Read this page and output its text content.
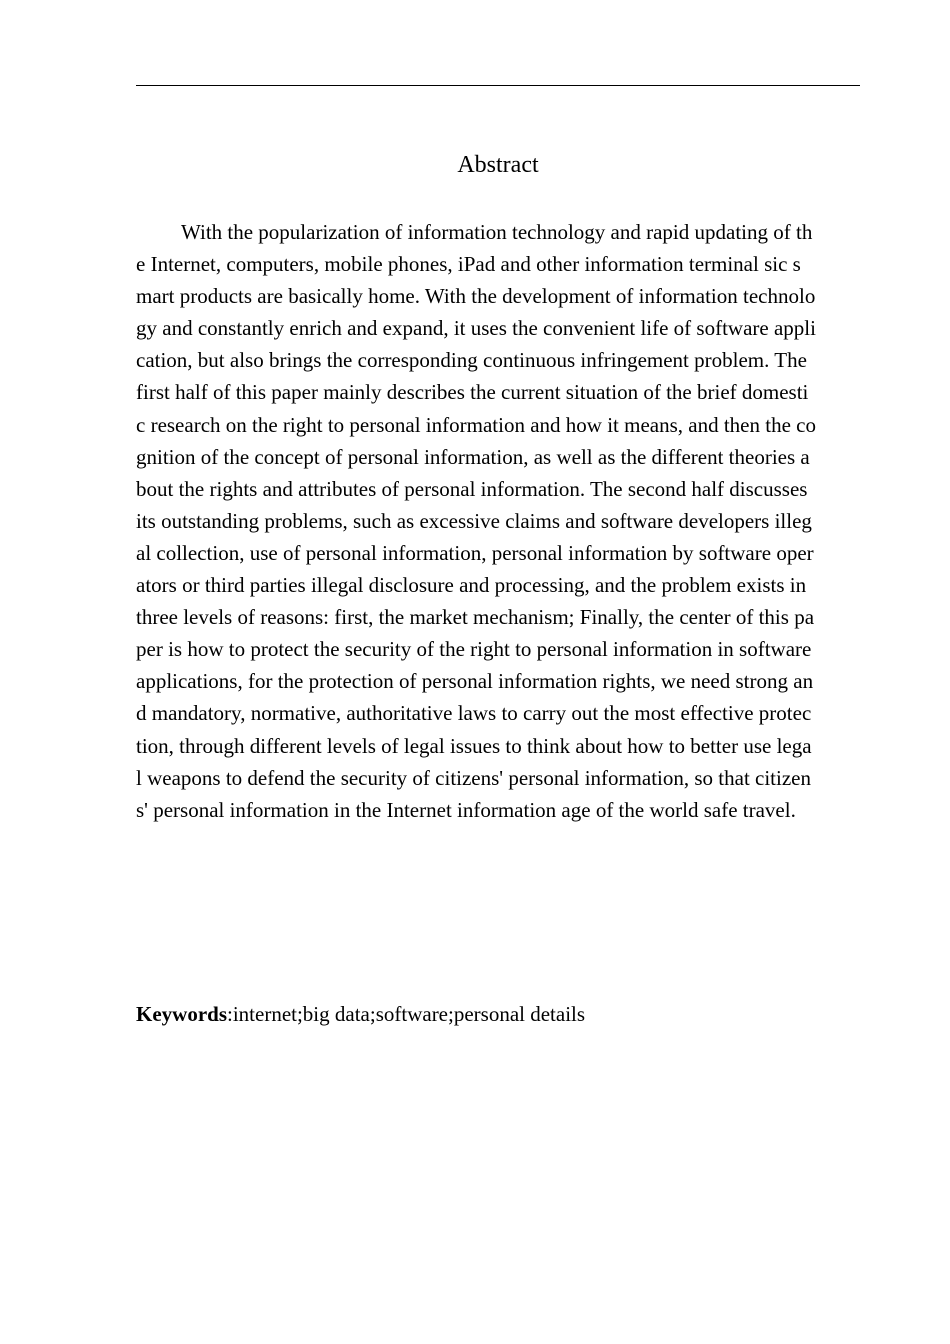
Abstract
With the popularization of information technology and rapid updating of th
e Internet, computers, mobile phones, iPad and other information terminal sic s
mart products are basically home. With the development of information technolo
gy and constantly enrich and expand, it uses the convenient life of software appli
cation, but also brings the corresponding continuous infringement problem. The
first half of this paper mainly describes the current situation of the brief domesti
c research on the right to personal information and how it means, and then the co
gnition of the concept of personal information, as well as the different theories a
bout the rights and attributes of personal information. The second half discusses
its outstanding problems, such as excessive claims and software developers illeg
al collection, use of personal information, personal information by software oper
ators or third parties illegal disclosure and processing, and the problem exists in
three levels of reasons: first, the market mechanism; Finally, the center of this pa
per is how to protect the security of the right to personal information in software
applications, for the protection of personal information rights, we need strong an
d mandatory, normative, authoritative laws to carry out the most effective protec
tion, through different levels of legal issues to think about how to better use lega
l weapons to defend the security of citizens' personal information, so that citizen
s' personal information in the Internet information age of the world safe travel.
Keywords:internet;big data;software;personal details
